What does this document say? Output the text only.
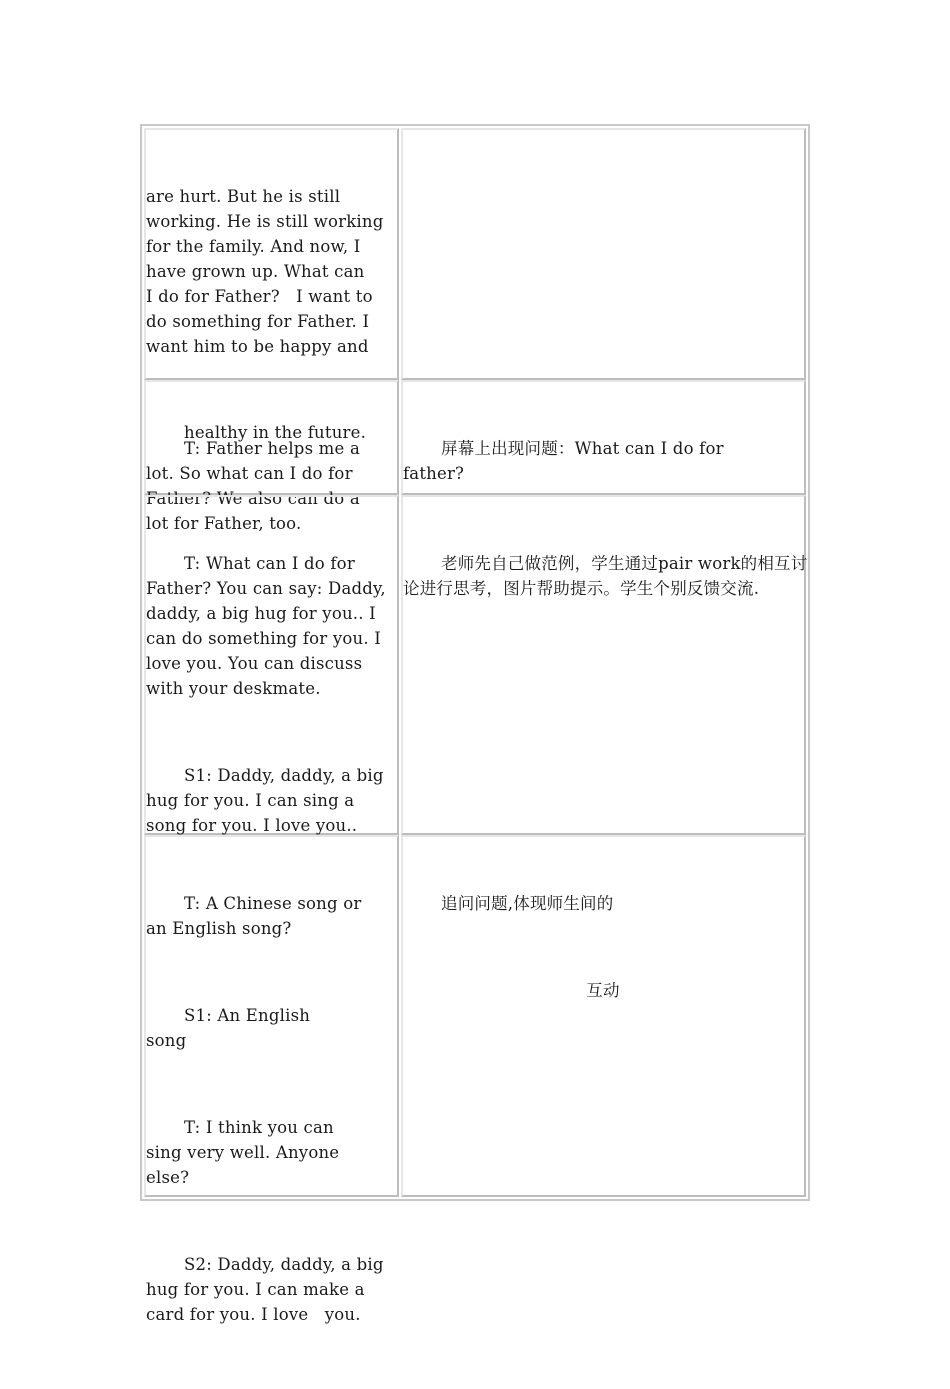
are hurt. But he is still working. He is still working for the family. And now, I have grown up. What can   I do for Father?   I want to do something for Father. I want him to be happy and

healthy in the future.

T: Father helps me a lot. So what can I do for Father? We also can do a lot for Father, too.

屏幕上出现问题：What can I do for father?

T: What can I do for Father? You can say: Daddy, daddy, a big hug for you.. I can do something for you. I love you. You can discuss with your deskmate.

S1: Daddy, daddy, a big hug for you. I can sing a song for you. I love you..

老师先自己做范例，学生通过pair work的相互讨论进行思考，图片帮助提示。学生个别反馈交流.

T: A Chinese song or an English song?

S1: An English song

T: I think you can sing very well. Anyone else?

S2: Daddy, daddy, a big hug for you. I can make a card for you. I love   you.

追问问题,体现师生间的

互动
